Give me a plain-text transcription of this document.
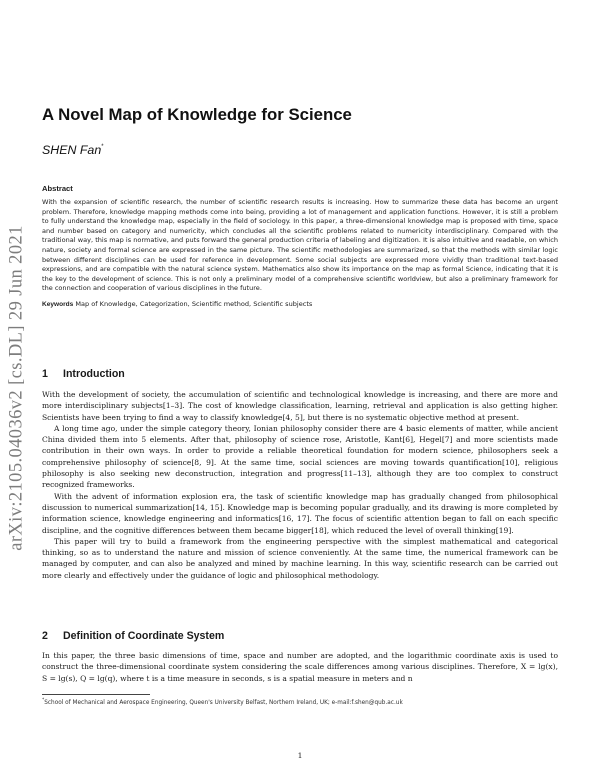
arXiv:2105.04036v2 [cs.DL] 29 Jun 2021
A Novel Map of Knowledge for Science
SHEN Fan*
Abstract

With the expansion of scientific research, the number of scientific research results is increasing. How to summarize these data has become an urgent problem. Therefore, knowledge mapping methods come into being, providing a lot of management and application functions. However, it is still a problem to fully understand the knowledge map, especially in the field of sociology. In this paper, a three-dimensional knowledge map is proposed with time, space and number based on category and numericity, which concludes all the scientific problems related to numericity interdisciplinary. Compared with the traditional way, this map is normative, and puts forward the general production criteria of labeling and digitization. It is also intuitive and readable, on which nature, society and formal science are expressed in the same picture. The scientific methodologies are summarized, so that the methods with similar logic between different disciplines can be used for reference in development. Some social subjects are expressed more vividly than traditional text-based expressions, and are compatible with the natural science system. Mathematics also show its importance on the map as formal Science, indicating that it is the key to the development of science. This is not only a preliminary model of a comprehensive scientific worldview, but also a preliminary framework for the connection and cooperation of various disciplines in the future.

Keywords Map of Knowledge, Categorization, Scientific method, Scientific subjects

1 Introduction

With the development of society, the accumulation of scientific and technological knowledge is increasing, and there are more and more interdisciplinary subjects[1–3]. The cost of knowledge classification, learning, retrieval and application is also getting higher. Scientists have been trying to find a way to classify knowledge[4, 5], but there is no systematic objective method at present.

A long time ago, under the simple category theory, Ionian philosophy consider there are 4 basic elements of matter, while ancient China divided them into 5 elements. After that, philosophy of science rose, Aristotle, Kant[6], Hegel[7] and more scientists made contribution in their own ways. In order to provide a reliable theoretical foundation for modern science, philosophers seek a comprehensive philosophy of science[8, 9]. At the same time, social sciences are moving towards quantification[10], religious philosophy is also seeking new deconstruction, integration and progress[11–13], although they are too complex to construct recognized frameworks.

With the advent of information explosion era, the task of scientific knowledge map has gradually changed from philosophical discussion to numerical summarization[14, 15]. Knowledge map is becoming popular gradually, and its drawing is more completed by information science, knowledge engineering and informatics[16, 17]. The focus of scientific attention began to fall on each specific discipline, and the cognitive differences between them became bigger[18], which reduced the level of overall thinking[19].

This paper will try to build a framework from the engineering perspective with the simplest mathematical and categorical thinking, so as to understand the nature and mission of science conveniently. At the same time, the numerical framework can be managed by computer, and can also be analyzed and mined by machine learning. In this way, scientific research can be carried out more clearly and effectively under the guidance of logic and philosophical methodology.

2 Definition of Coordinate System

In this paper, the three basic dimensions of time, space and number are adopted, and the logarithmic coordinate axis is used to construct the three-dimensional coordinate system considering the scale differences among various disciplines. Therefore, X = lg(x), S = lg(s), Q = lg(q), where t is a time measure in seconds, s is a spatial measure in meters and n

*School of Mechanical and Aerospace Engineering, Queen's University Belfast, Northern Ireland, UK; e-mail:f.shen@qub.ac.uk

1
